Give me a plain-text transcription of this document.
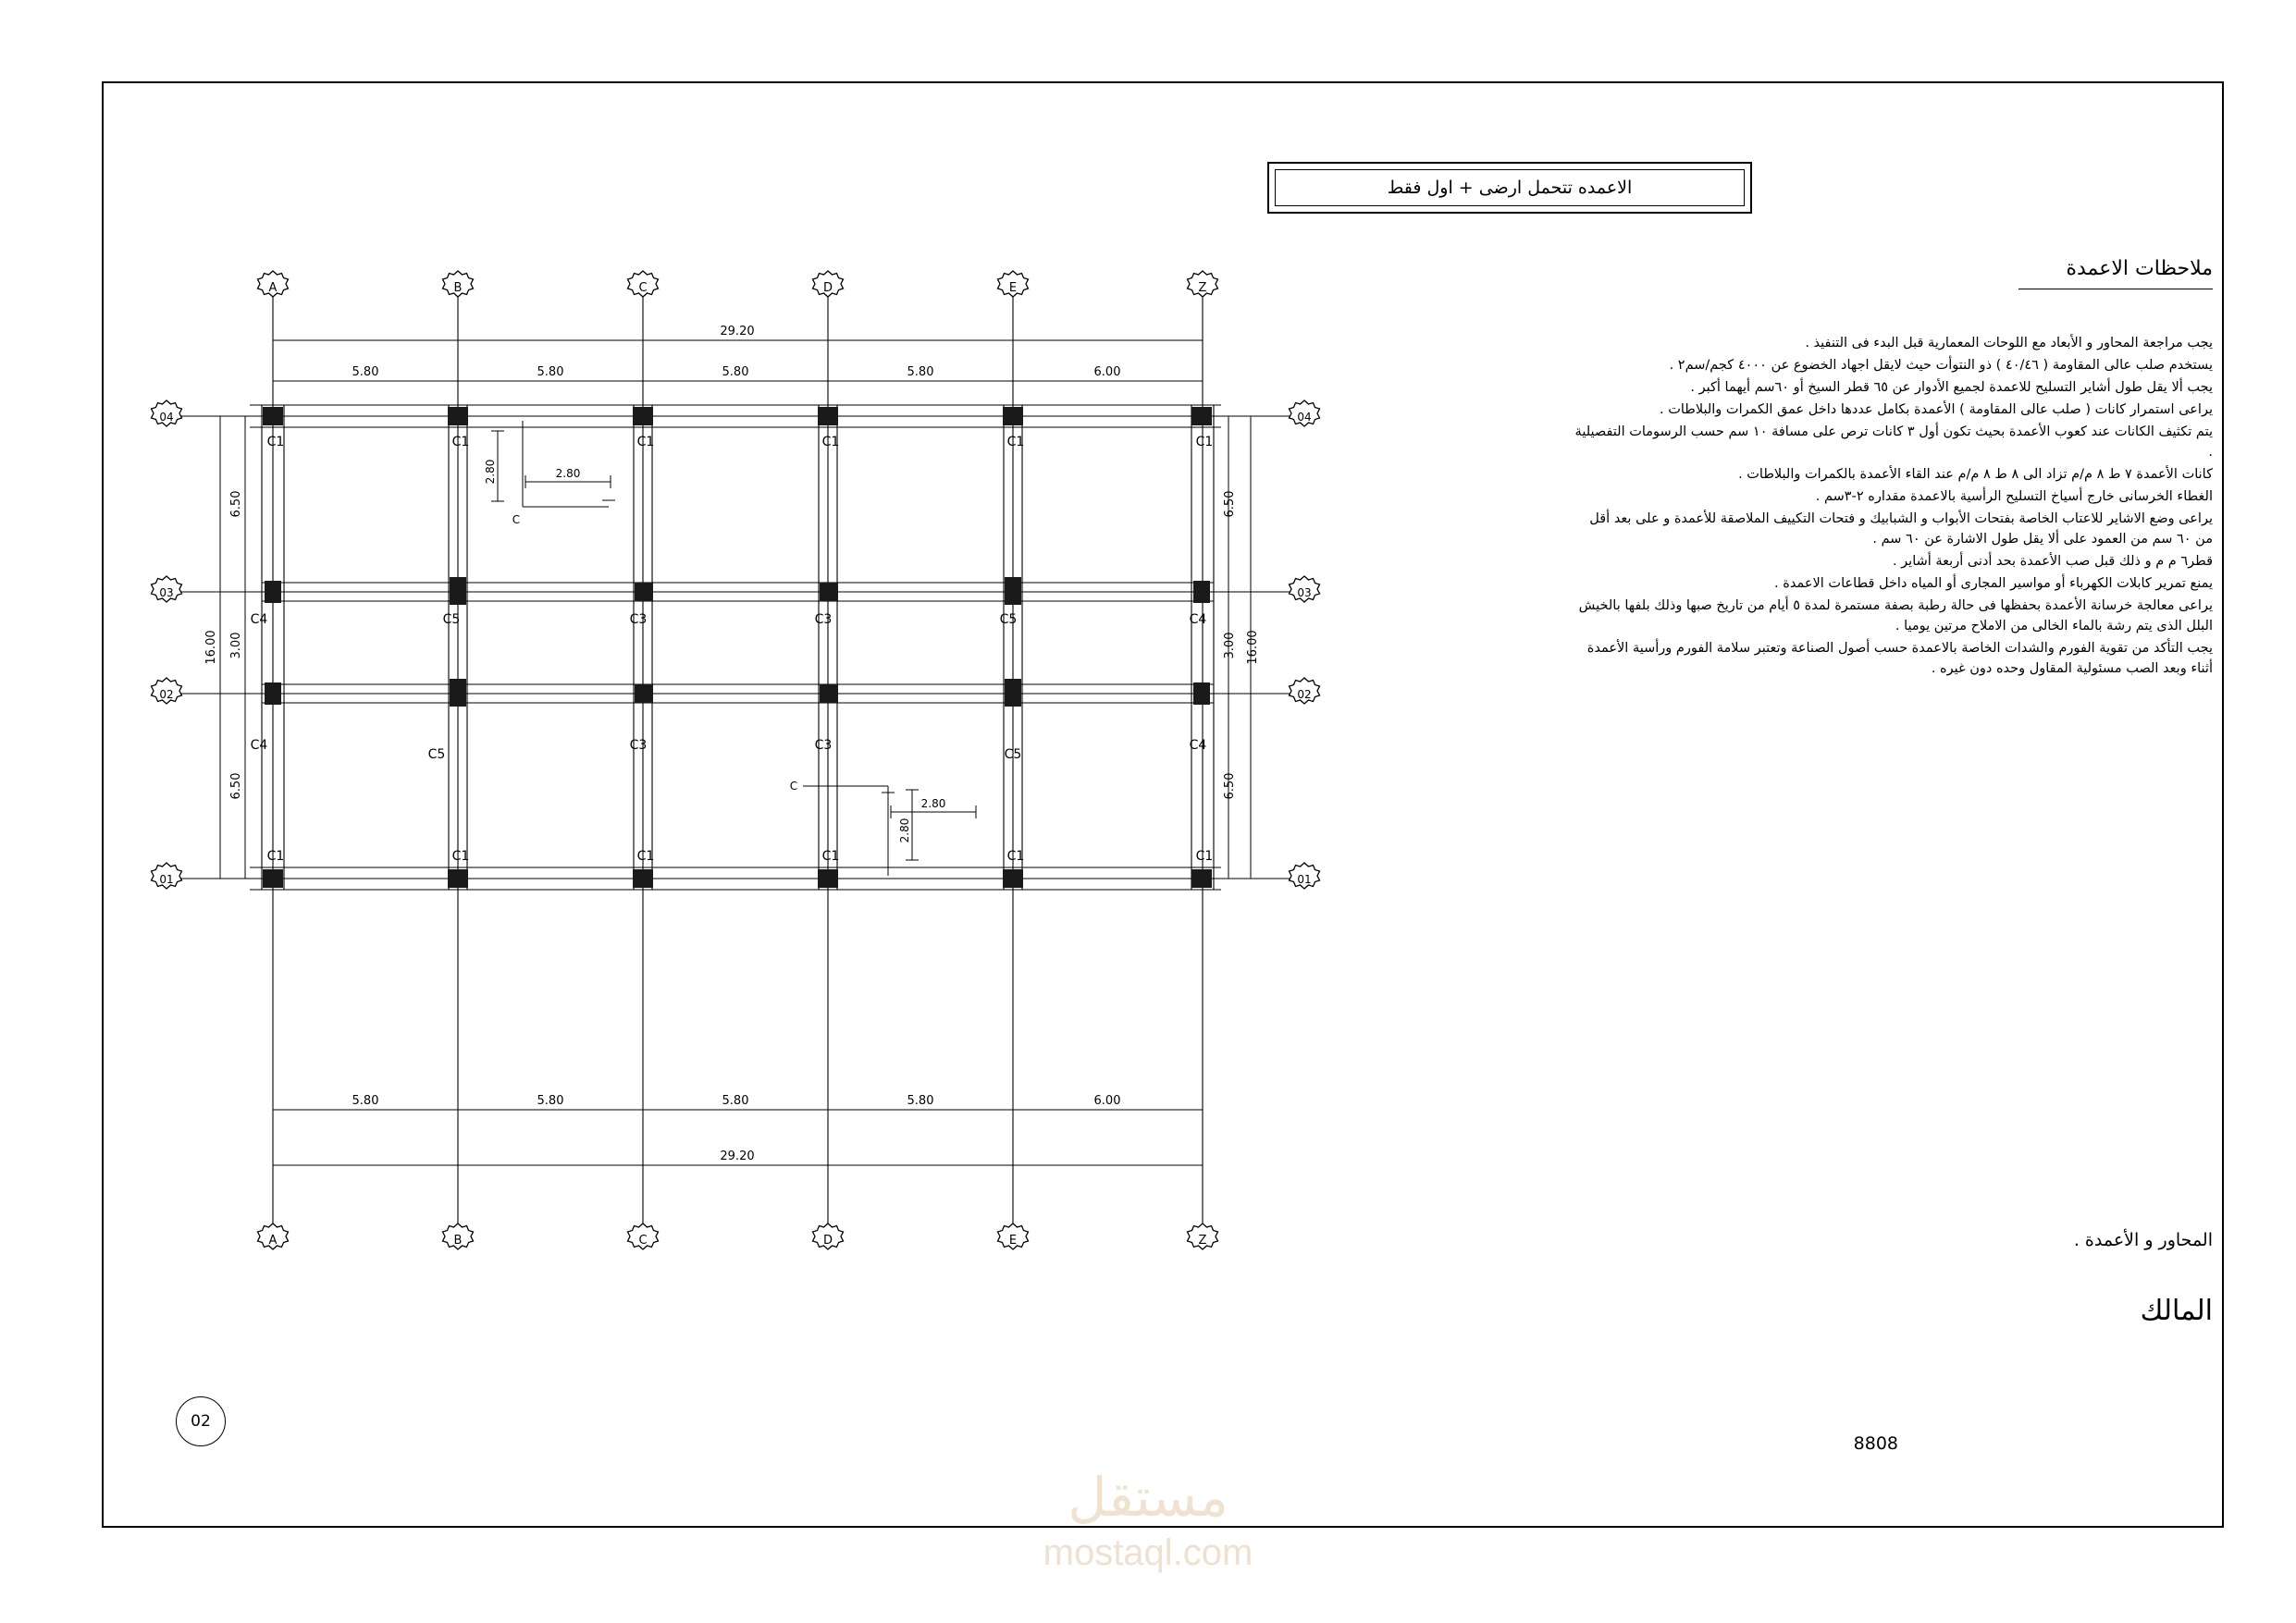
الاعمده تتحمل ارضى + اول فقط
ملاحظات الاعمدة

يجب مراجعة المحاور و الأبعاد مع اللوحات المعمارية قبل البدء فى التنفيذ .

يستخدم صلب عالى المقاومة ( ٤٠/٤٦ ) ذو النتوأت حيث لايقل اجهاد الخضوع عن ٤٠٠٠ كجم/سم٢ .

يجب ألا يقل طول أشاير التسليح للاعمدة لجميع الأدوار عن ٦٥ قطر السيخ أو ٦٠سم أيهما أكبر .

يراعى استمرار كانات ( صلب عالى المقاومة ) الأعمدة بكامل عددها داخل عمق الكمرات والبلاطات .

يتم تكثيف الكانات عند كعوب الأعمدة بحيث تكون أول ٣ كانات ترص على مسافة ١٠ سم حسب الرسومات التفصيلية .

كانات الأعمدة ٧ ط ٨ م/م تزاد الى ٨ ط ٨ م/م عند القاء الأعمدة بالكمرات والبلاطات .

الغطاء الخرسانى خارج أسياخ التسليح الرأسية بالاعمدة مقداره ٢-٣سم .

يراعى وضع الاشاير للاعتاب الخاصة بفتحات الأبواب و الشبابيك و فتحات التكييف الملاصقة للأعمدة و على بعد أقل من ٦٠ سم من العمود على ألا يقل طول الاشارة عن ٦٠ سم .

قطر٦ م م و ذلك قبل صب الأعمدة بحد أدنى أربعة أشاير .

يمنع تمرير كابلات الكهرباء أو مواسير المجارى أو المياه داخل قطاعات الاعمدة .

يراعى معالجة خرسانة الأعمدة بحفظها فى حالة رطبة بصفة مستمرة لمدة ٥ أيام من تاريخ صبها وذلك بلفها بالخيش البلل الذى يتم رشة بالماء الخالى من الاملاح مرتين يوميا .

يجب التأكد من تقوية الفورم والشدات الخاصة بالاعمدة حسب أصول الصناعة وتعتبر سلامة الفورم ورأسية الأعمدة أثناء وبعد الصب مسئولية المقاول وحده دون غيره .

المحاور و الأعمدة .
المالك
8808
02
C1	C1	C1	C1	C1	C1
C4	C5	C3	C3	C5	C4
C4
C5
C3	C3
C5
C4
C1	C1	C1	C1	C1	C1
A	B	C	D	E	Z
A	B	C	D	E	Z
04
03
02
01
04
03
02
01
29.20
5.80	5.80	5.80	5.80	6.00
5.80	5.80	5.80	5.80	6.00
29.20
16.00
6.50
3.00
6.50
16.00
6.50
3.00
6.50
2.80	2.80
C
2.80
2.80
C
مستقل
mostaql.com
